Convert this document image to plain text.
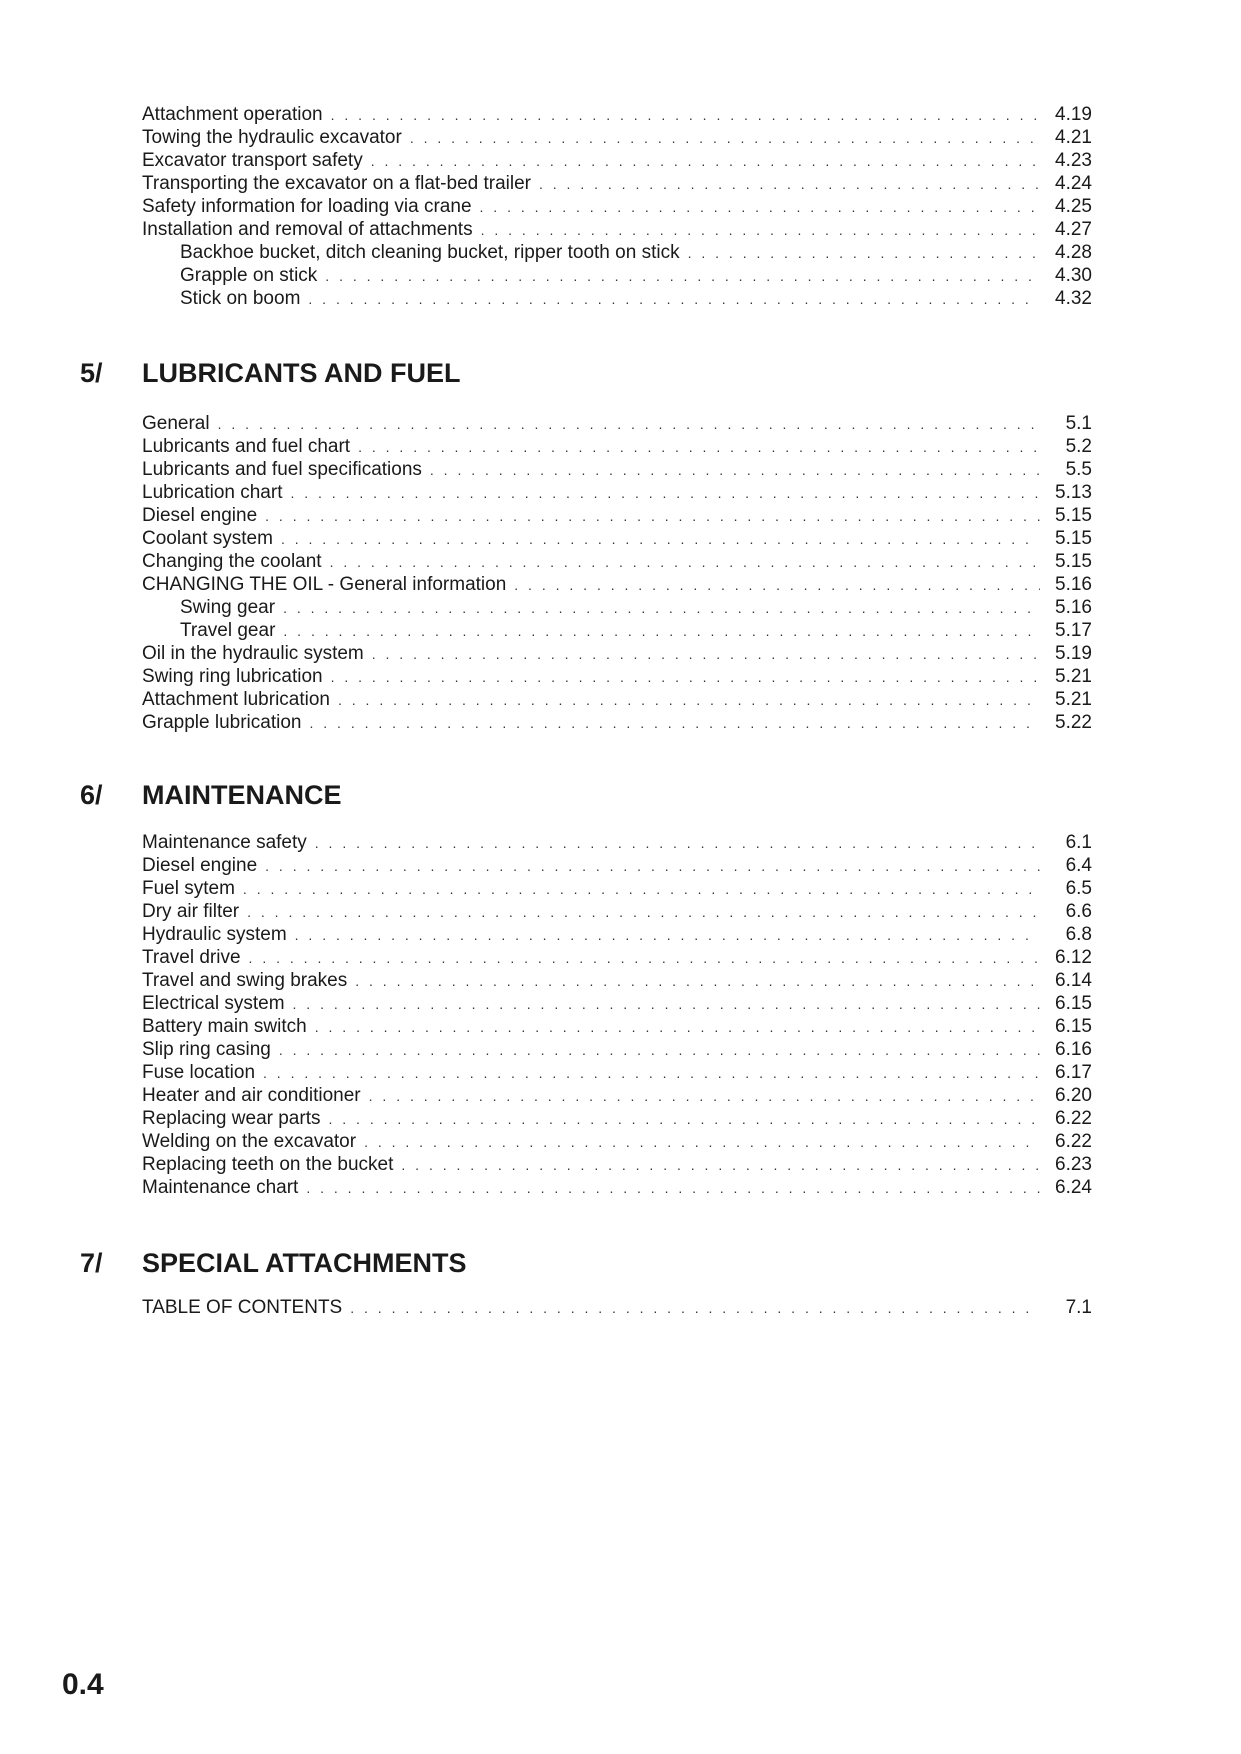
Attachment operation . . .	4.19
Towing the hydraulic excavator . . .	4.21
Excavator transport safety . . .	4.23
Transporting the excavator on a flat-bed trailer . . .	4.24
Safety information for loading via crane . . .	4.25
Installation and removal of attachments . . .	4.27
Backhoe bucket, ditch cleaning bucket, ripper tooth on stick . . .	4.28
Grapple on stick . . .	4.30
Stick on boom . . .	4.32
5/	LUBRICANTS AND FUEL
General . . .	5.1
Lubricants and fuel chart . . .	5.2
Lubricants and fuel specifications . . .	5.5
Lubrication chart . . .	5.13
Diesel engine . . .	5.15
Coolant system . . .	5.15
Changing the coolant . . .	5.15
CHANGING THE OIL - General information . . .	5.16
Swing gear . . .	5.16
Travel gear . . .	5.17
Oil in the hydraulic system . . .	5.19
Swing ring lubrication . . .	5.21
Attachment lubrication . . .	5.21
Grapple lubrication . . .	5.22
6/	MAINTENANCE
Maintenance safety . . .	6.1
Diesel engine . . .	6.4
Fuel sytem . . .	6.5
Dry air filter . . .	6.6
Hydraulic system . . .	6.8
Travel drive . . .	6.12
Travel and swing brakes . . .	6.14
Electrical system . . .	6.15
Battery main switch . . .	6.15
Slip ring casing . . .	6.16
Fuse location . . .	6.17
Heater and air conditioner . . .	6.20
Replacing wear parts . . .	6.22
Welding on the excavator . . .	6.22
Replacing teeth on the bucket . . .	6.23
Maintenance chart . . .	6.24
7/	SPECIAL ATTACHMENTS
TABLE OF CONTENTS . . .	7.1
0.4
